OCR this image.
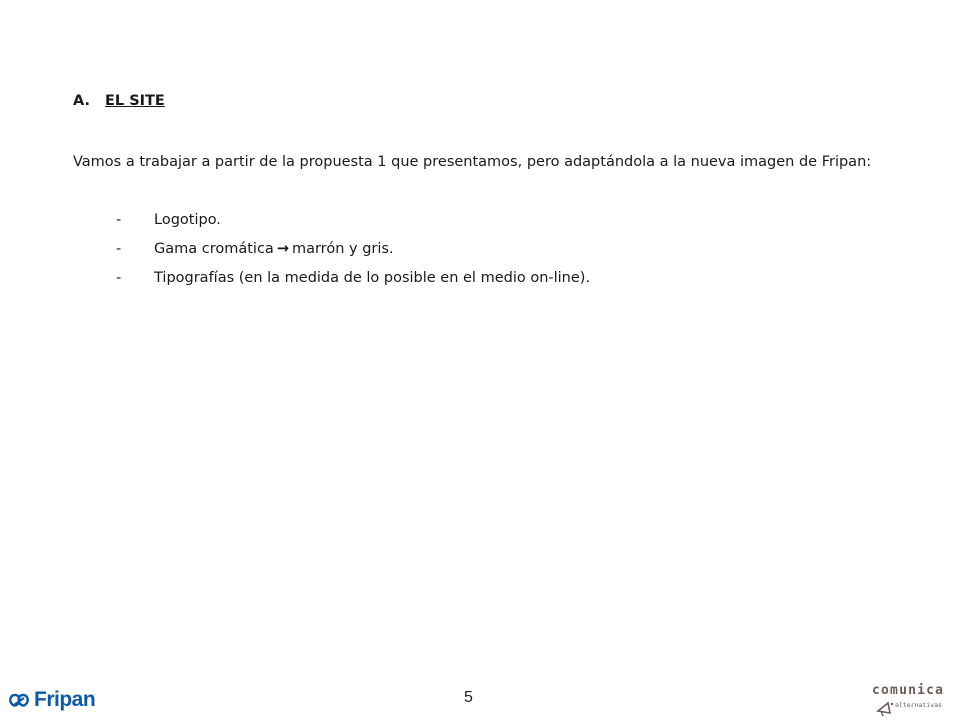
A.	EL SITE
Vamos a trabajar a partir de la propuesta 1 que presentamos, pero adaptándola a la nueva imagen de Fripan:
-	Logotipo.
-	Gama cromática → marrón y gris.
-	Tipografías (en la medida de lo posible en el medio on-line).
Fripan	5	comunica
alternativas
